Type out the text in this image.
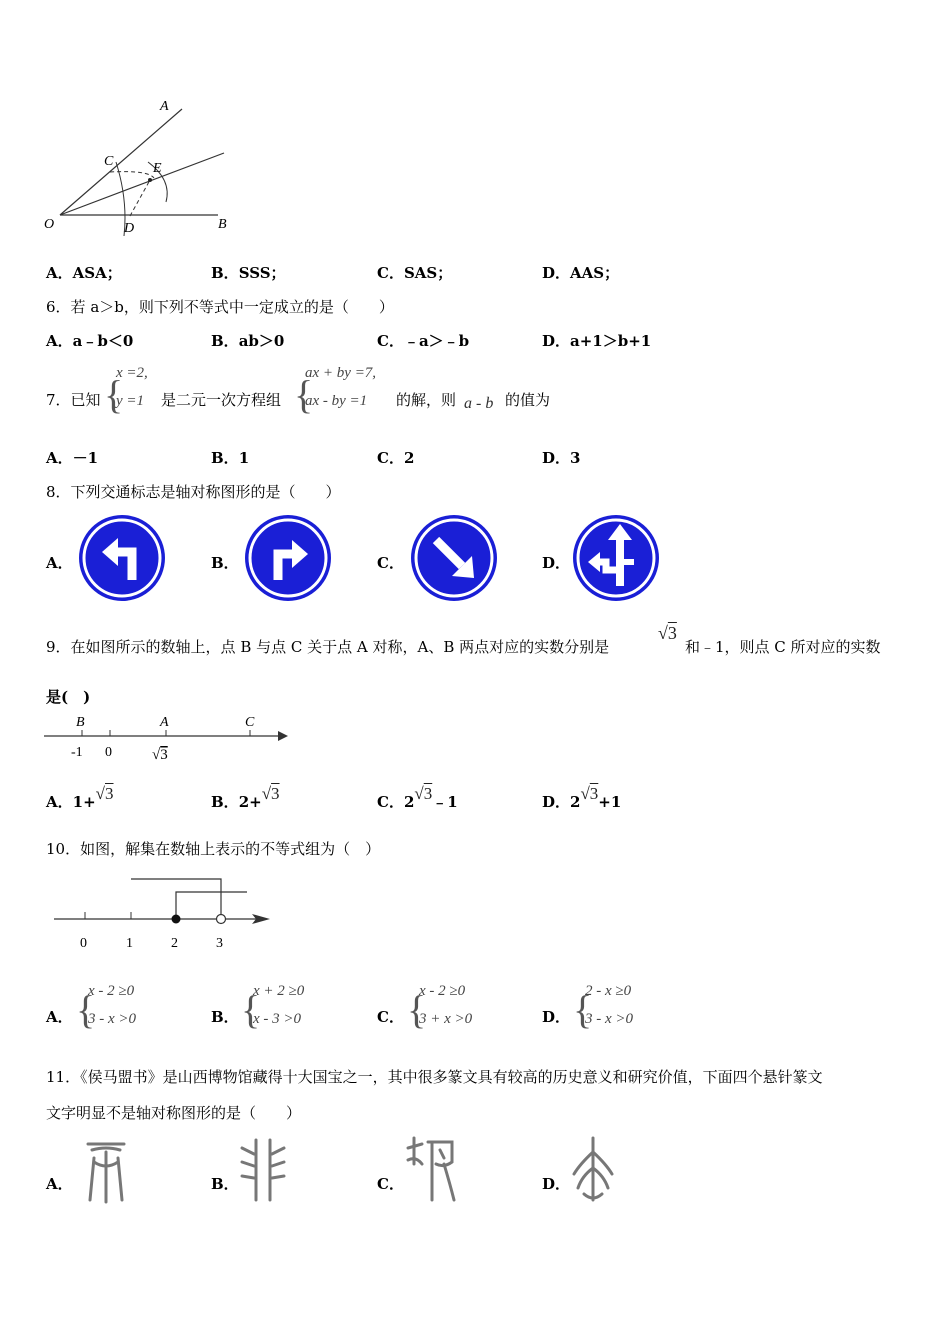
A
C	E
O	D	B
A．ASA；	B．SSS；	C．SAS；	D．AAS；
6．若 a＞b，则下列不等式中一定成立的是（　　）
A．a﹣b＜0	B．ab＞0	C．﹣a＞﹣b	D．a+1＞b+1
7．已知 {
x =2,
y =1 是二元一次方程组 {
ax + by =7,
ax - by =1	的解，则 a - b 的值为
A．－1	B．1	C．2	D．3
8．下列交通标志是轴对称图形的是（　　）
A．	B．	C．	D．
9．在如图所示的数轴上，点 B 与点 C 关于点 A 对称，A、B 两点对应的实数分别是
√3
和﹣1，则点 C 所对应的实数
是(　)
B	A	C
-1 0	√3
A．1+√3	B．2+√3	C．2√3﹣1	D．2√3+1
10．如图，解集在数轴上表示的不等式组为（　）
0	1	2	3
A． {
x - 2 ≥0
3 - x >0	B． {
x + 2 ≥0
x - 3 >0	C． {
x - 2 ≥0
3 + x >0	D． {
2 - x ≥0
3 - x >0
11．《侯马盟书》是山西博物馆藏得十大国宝之一，其中很多篆文具有较高的历史意义和研究价值，下面四个悬针篆文
文字明显不是轴对称图形的是（　　）
A．	B．	C．	D．
